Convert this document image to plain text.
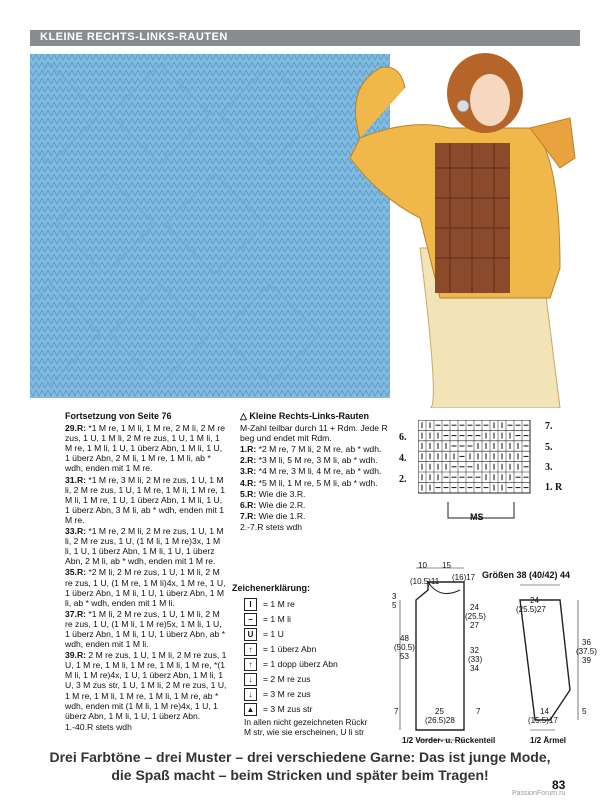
KLEINE RECHTS-LINKS-RAUTEN

Fortsetzung von Seite 76

29.R: *1 M re, 1 M li, 1 M re, 2 M li, 2 M re zus, 1 U, 1 M li, 2 M re zus, 1 U, 1 M li, 1 M re, 1 M li, 1 U, 1 überz Abn, 1 M li, 1 U, 1 überz Abn, 2 M li, 1 M re, 1 M li, ab * wdh, enden mit 1 M re.

31.R: *1 M re, 3 M li, 2 M re zus, 1 U, 1 M li, 2 M re zus, 1 U, 1 M re, 1 M li, 1 M re, 1 M li, 1 M re, 1 U, 1 überz Abn, 1 M li, 1 U, 1 überz Abn, 3 M li, ab * wdh, enden mit 1 M re.

33.R: *1 M re, 2 M li, 2 M re zus, 1 U, 1 M li, 2 M re zus, 1 U, (1 M li, 1 M re)3x, 1 M li, 1 U, 1 überz Abn, 1 M li, 1 U, 1 überz Abn, 2 M li, ab * wdh, enden mit 1 M re.

35.R: *2 M li, 2 M re zus, 1 U, 1 M li, 2 M re zus, 1 U, (1 M re, 1 M li)4x, 1 M re, 1 U, 1 überz Abn, 1 M li, 1 U, 1 überz Abn, 1 M li, ab * wdh, enden mit 1 M li.

37.R: *1 M li, 2 M re zus, 1 U, 1 M li, 2 M re zus, 1 U, (1 M li, 1 M re)5x, 1 M li, 1 U, 1 überz Abn, 1 M li, 1 U, 1 überz Abn, ab * wdh, enden mit 1 M li.

39.R: 2 M re zus, 1 U, 1 M li, 2 M re zus, 1 U, 1 M re, 1 M li, 1 M re, 1 M li, 1 M re, *(1 M li, 1 M re)4x, 1 U, 1 überz Abn, 1 M li, 1 U, 3 M zus str, 1 U, 1 M li, 2 M re zus, 1 U, 1 M re, 1 M li, 1 M re, 1 M li, 1 M re, ab * wdh, enden mit (1 M li, 1 M re)4x, 1 U, 1 überz Abn, 1 M li, 1 U, 1 überz Abn.

1.-40.R stets wdh

△ Kleine Rechts-Links-Rauten

M-Zahl teilbar durch 11 + Rdm. Jede R beg und endet mit Rdm.

1.R: *2 M re, 7 M li, 2 M re, ab * wdh.

2.R: *3 M li, 5 M re, 3 M li, ab * wdh.

3.R: *4 M re, 3 M li, 4 M re, ab * wdh.

4.R: *5 M li, 1 M re, 5 M li, ab * wdh.

5.R: Wie die 3.R.

6.R: Wie die 2.R.

7.R: Wie die 1.R.

2.-7.R stets wdh

7.
5.
3.
1. R
6.
4.
2.
MS
Zeichenerklärung:
I = 1 M re
− = 1 M li
U = 1 U
↑ = 1 überz Abn
↑ = 1 dopp überz Abn
↓ = 2 M re zus
↓ = 3 M re zus
▲ = 3 M zus str
In allen nicht gezeichneten Rückr M str, wie sie erscheinen, U li str
Größen 38 (40/42) 44
10 15
(10.5)11 (16)17
3
5	24
(25.5)
27
48
(50.5)
53
32
(33)
34
7	7
25
(26.5)28
1/2 Vorder- u. Rückenteil
24
(25.5)27
36
(37.5)
39
5
14
(15.5)17
1/2 Ärmel
Drei Farbtöne – drei Muster – drei verschiedene Garne: Das ist junge Mode,
die Spaß macht – beim Stricken und später beim Tragen!
83
PassionForum.ru
